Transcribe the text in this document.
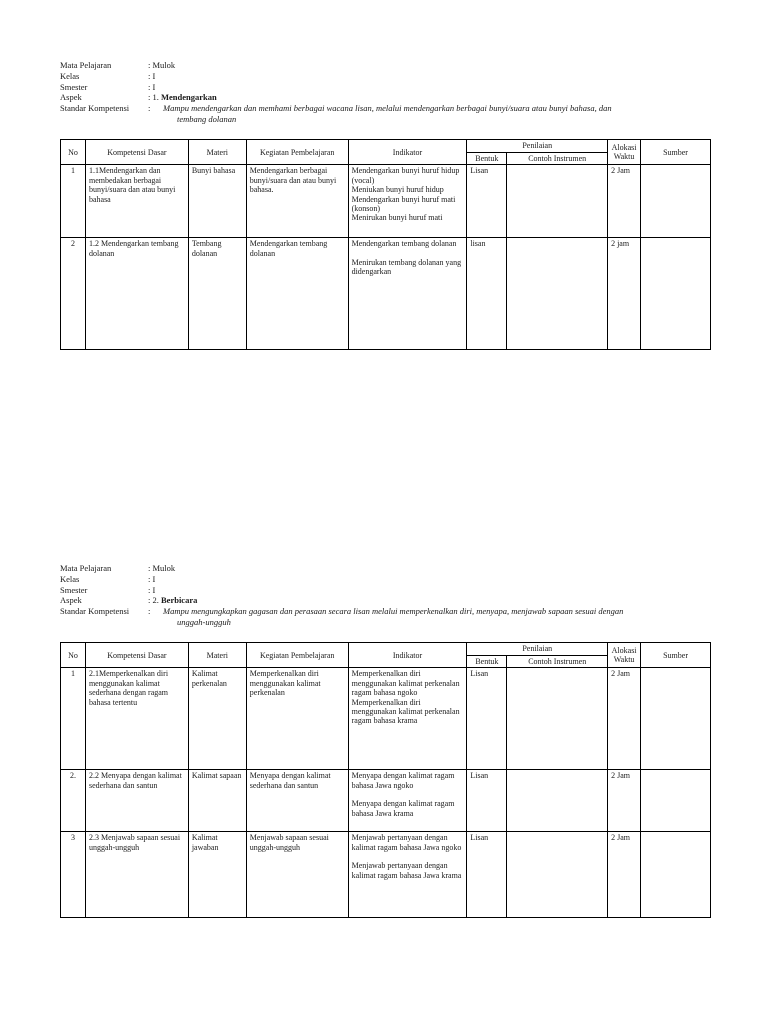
Mata Pelajaran	: Mulok
Kelas	: I
Smester	: I
Aspek	: 1. Mendengarkan
Standar Kompetensi	:	Mampu mendengarkan dan memhami berbagai wacana lisan, melalui mendengarkan berbagai bunyi/suara atau bunyi bahasa, dan
tembang dolanan
No	Kompetensi Dasar	Materi	Kegiatan Pembelajaran	Indikator	Penilaian		Alokasi Waktu	Sumber
					Bentuk	Contoh Instrumen		
1	1.1Mendengarkan dan membedakan berbagai bunyi/suara dan atau bunyi bahasa	Bunyi bahasa	Mendengarkan berbagai bunyi/suara dan atau bunyi bahasa.	Mendengarkan bunyi huruf hidup (vocal)
Meniukan bunyi huruf hidup
Mendengarkan bunyi huruf mati (konson)
Menirukan bunyi huruf mati	Lisan		2 Jam	
2	1.2 Mendengarkan tembang dolanan	Tembang dolanan	Mendengarkan tembang dolanan	Mendengarkan tembang dolanan
Menirukan tembang dolanan yang didengarkan	lisan		2 jam	
Mata Pelajaran	: Mulok
Kelas	: I
Smester	: I
Aspek	: 2. Berbicara
Standar Kompetensi	:	Mampu mengungkapkan gagasan dan perasaan secara lisan melalui memperkenalkan diri, menyapa, menjawab sapaan sesuai dengan
unggah-ungguh
No	Kompetensi Dasar	Materi	Kegiatan Pembelajaran	Indikator	Penilaian		Alokasi Waktu	Sumber
					Bentuk	Contoh Instrumen		
1	2.1Memperkenalkan diri menggunakan kalimat sederhana dengan ragam bahasa tertentu	Kalimat perkenalan	Memperkenalkan diri menggunakan kalimat perkenalan	Memperkenalkan diri menggunakan kalimat perkenalan ragam bahasa ngoko
Memperkenalkan diri menggunakan kalimat perkenalan ragam bahasa krama	Lisan		2 Jam	
2.	2.2 Menyapa dengan kalimat sederhana dan santun	Kalimat sapaan	Menyapa dengan kalimat sederhana dan santun	Menyapa dengan kalimat ragam bahasa Jawa ngoko
Menyapa dengan kalimat ragam bahasa Jawa krama	Lisan		2 Jam	
3	2.3 Menjawab sapaan sesuai unggah-ungguh	Kalimat jawaban	Menjawab sapaan sesuai unggah-ungguh	Menjawab pertanyaan dengan kalimat ragam bahasa Jawa ngoko
Menjawab pertanyaan dengan kalimat ragam bahasa Jawa krama	Lisan		2 Jam	
